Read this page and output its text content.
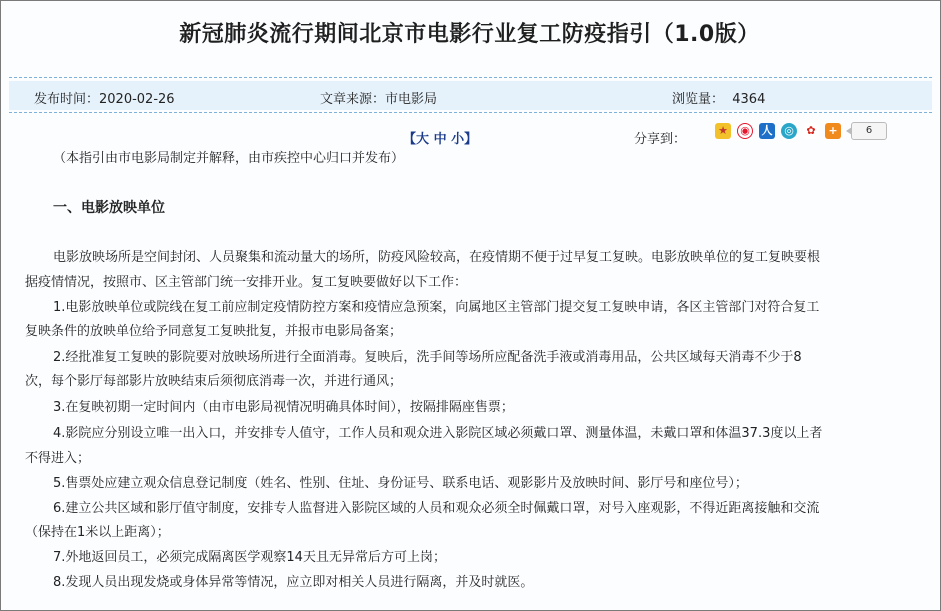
新冠肺炎流行期间北京市电影行业复工防疫指引（1.0版）
发布时间：2020-02-26	文章来源：市电影局	浏览量：  4364
【大 中 小】	分享到：
★ ◉ 人 ◎	✿	+	6
（本指引由市电影局制定并解释，由市疾控中心归口并发布）
一、电影放映单位
电影放映场所是空间封闭、人员聚集和流动量大的场所，防疫风险较高，在疫情期不便于过早复工复映。电影放映单位的复工复映要根
据疫情情况，按照市、区主管部门统一安排开业。复工复映要做好以下工作：
1.电影放映单位或院线在复工前应制定疫情防控方案和疫情应急预案，向属地区主管部门提交复工复映申请，各区主管部门对符合复工
复映条件的放映单位给予同意复工复映批复，并报市电影局备案；
2.经批准复工复映的影院要对放映场所进行全面消毒。复映后，洗手间等场所应配备洗手液或消毒用品，公共区域每天消毒不少于8
次，每个影厅每部影片放映结束后须彻底消毒一次，并进行通风；
3.在复映初期一定时间内（由市电影局视情况明确具体时间），按隔排隔座售票；
4.影院应分别设立唯一出入口，并安排专人值守，工作人员和观众进入影院区域必须戴口罩、测量体温，未戴口罩和体温37.3度以上者
不得进入；
5.售票处应建立观众信息登记制度（姓名、性别、住址、身份证号、联系电话、观影影片及放映时间、影厅号和座位号）；
6.建立公共区域和影厅值守制度，安排专人监督进入影院区域的人员和观众必须全时佩戴口罩，对号入座观影，不得近距离接触和交流
（保持在1米以上距离）；
7.外地返回员工，必须完成隔离医学观察14天且无异常后方可上岗；
8.发现人员出现发烧或身体异常等情况，应立即对相关人员进行隔离，并及时就医。
